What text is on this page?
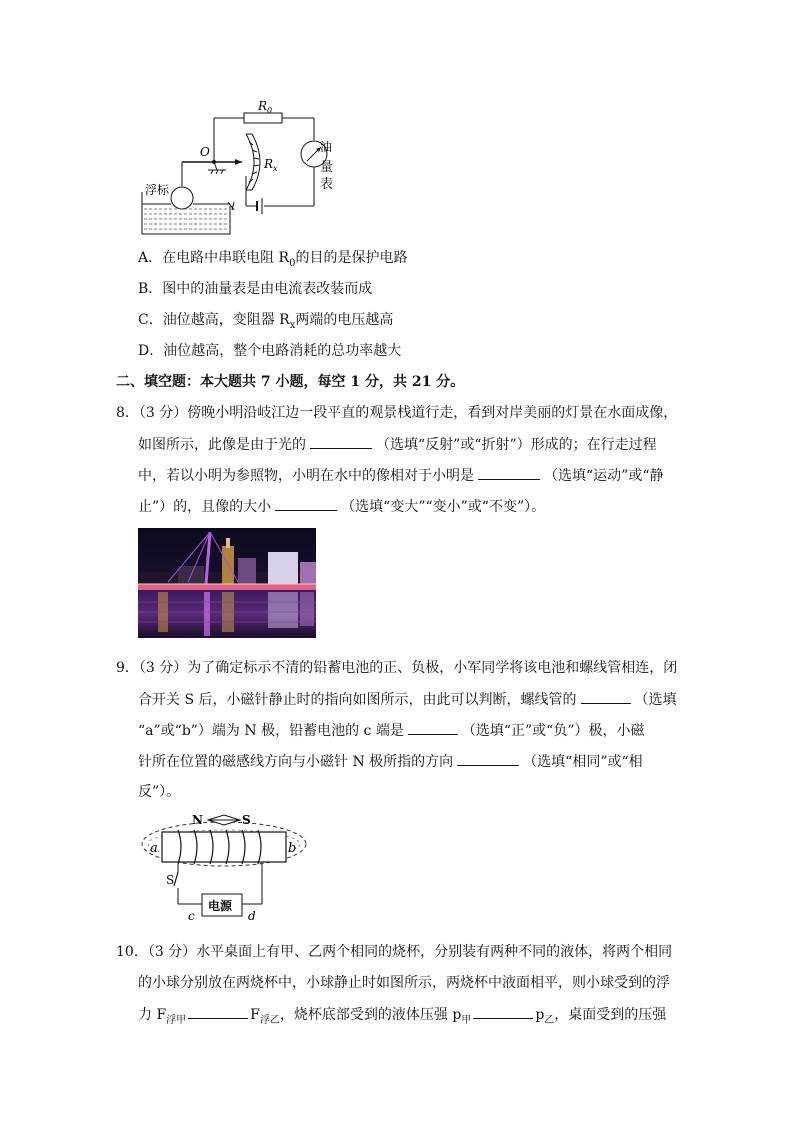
$R_0$
油
O
$R_x$
浮标
量
表
A．在电路中串联电阻 $R_0$的目的是保护电路
B．图中的油量表是由电流表改装而成
C．油位越高，变阻器 $R_x$两端的电压越高
D．油位越高，整个电路消耗的总功率越大
二、填空题：本大题共 7 小题，每空 1 分，共 21 分。
8．（3 分）傍晚小明沿岐江边一段平直的观景栈道行走，看到对岸美丽的灯景在水面成像，
如图所示，此像是由于光的	（选填“反射”或“折射”）形成的；在行走过程
中，若以小明为参照物，小明在水中的像相对于小明是	（选填“运动”或“静
止”）的，且像的大小	（选填“变大”“变小”或“不变”）。
9．（3 分）为了确定标示不清的铅蓄电池的正、负极，小军同学将该电池和螺线管相连，闭
合开关 S 后，小磁针静止时的指向如图所示，由此可以判断，螺线管的	（选填
“a”或“b”）端为 N 极，铅蓄电池的 c 端是	（选填“正”或“负”）极，小磁
针所在位置的磁感线方向与小磁针 N 极所指的方向	（选填“相同”或“相
反”）。
N	S
a	b
S
电源
c	d
10．（3 分）水平桌面上有甲、乙两个相同的烧杯，分别装有两种不同的液体，将两个相同
的小球分别放在两烧杯中，小球静止时如图所示，两烧杯中液面相平，则小球受到的浮
力 $F_{浮甲}$	$F_{浮乙}$，烧杯底部受到的液体压强 $p_甲$	$p_乙$，桌面受到的压强
